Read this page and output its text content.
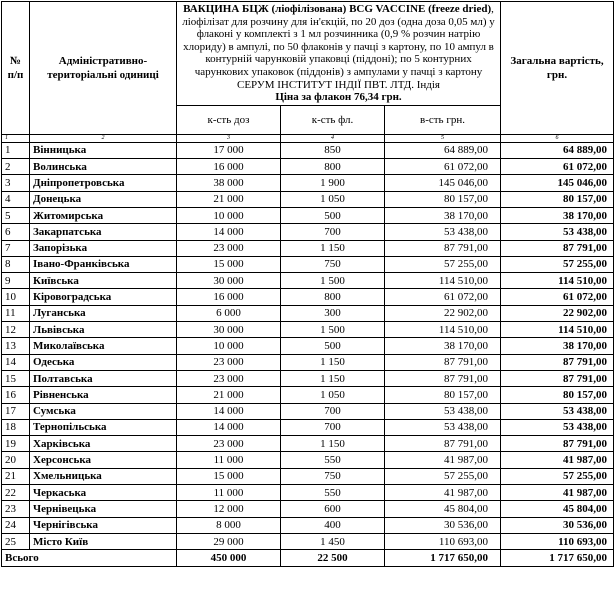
№ п/п	Адміністративно-територіальні одиниці	ВАКЦИНА БЦЖ (ліофілізована) BCG VACCINE (freeze dried), ліофілізат для розчину для ін'єкцій, по 20 доз (одна доза 0,05 мл) у флаконі у комплекті з 1 мл розчинника (0,9 % розчин натрію хлориду) в ампулі, по 50 флаконів у пачці з картону, по 10 ампул в контурній чарунковій упаковці (піддоні); по 5 контурних чарункових упаковок (піддонів) з ампулами у пачці з картону
СЕРУМ ІНСТИТУТ ІНДІЇ ПВТ. ЛТД. Індія
Ціна за флакон 76,34 грн.			Загальна вартість, грн.
		к-сть доз	к-сть фл.	в-сть грн.	
1	2	3	4	5	6
1	Вінницька	17 000	850	64 889,00	64 889,00
2	Волинська	16 000	800	61 072,00	61 072,00
3	Дніпропетровська	38 000	1 900	145 046,00	145 046,00
4	Донецька	21 000	1 050	80 157,00	80 157,00
5	Житомирська	10 000	500	38 170,00	38 170,00
6	Закарпатська	14 000	700	53 438,00	53 438,00
7	Запорізька	23 000	1 150	87 791,00	87 791,00
8	Івано-Франківська	15 000	750	57 255,00	57 255,00
9	Київська	30 000	1 500	114 510,00	114 510,00
10	Кіровоградська	16 000	800	61 072,00	61 072,00
11	Луганська	6 000	300	22 902,00	22 902,00
12	Львівська	30 000	1 500	114 510,00	114 510,00
13	Миколаївська	10 000	500	38 170,00	38 170,00
14	Одеська	23 000	1 150	87 791,00	87 791,00
15	Полтавська	23 000	1 150	87 791,00	87 791,00
16	Рівненська	21 000	1 050	80 157,00	80 157,00
17	Сумська	14 000	700	53 438,00	53 438,00
18	Тернопільська	14 000	700	53 438,00	53 438,00
19	Харківська	23 000	1 150	87 791,00	87 791,00
20	Херсонська	11 000	550	41 987,00	41 987,00
21	Хмельницька	15 000	750	57 255,00	57 255,00
22	Черкаська	11 000	550	41 987,00	41 987,00
23	Чернівецька	12 000	600	45 804,00	45 804,00
24	Чернігівська	8 000	400	30 536,00	30 536,00
25	Місто Київ	29 000	1 450	110 693,00	110 693,00
Всього		450 000	22 500	1 717 650,00	1 717 650,00
